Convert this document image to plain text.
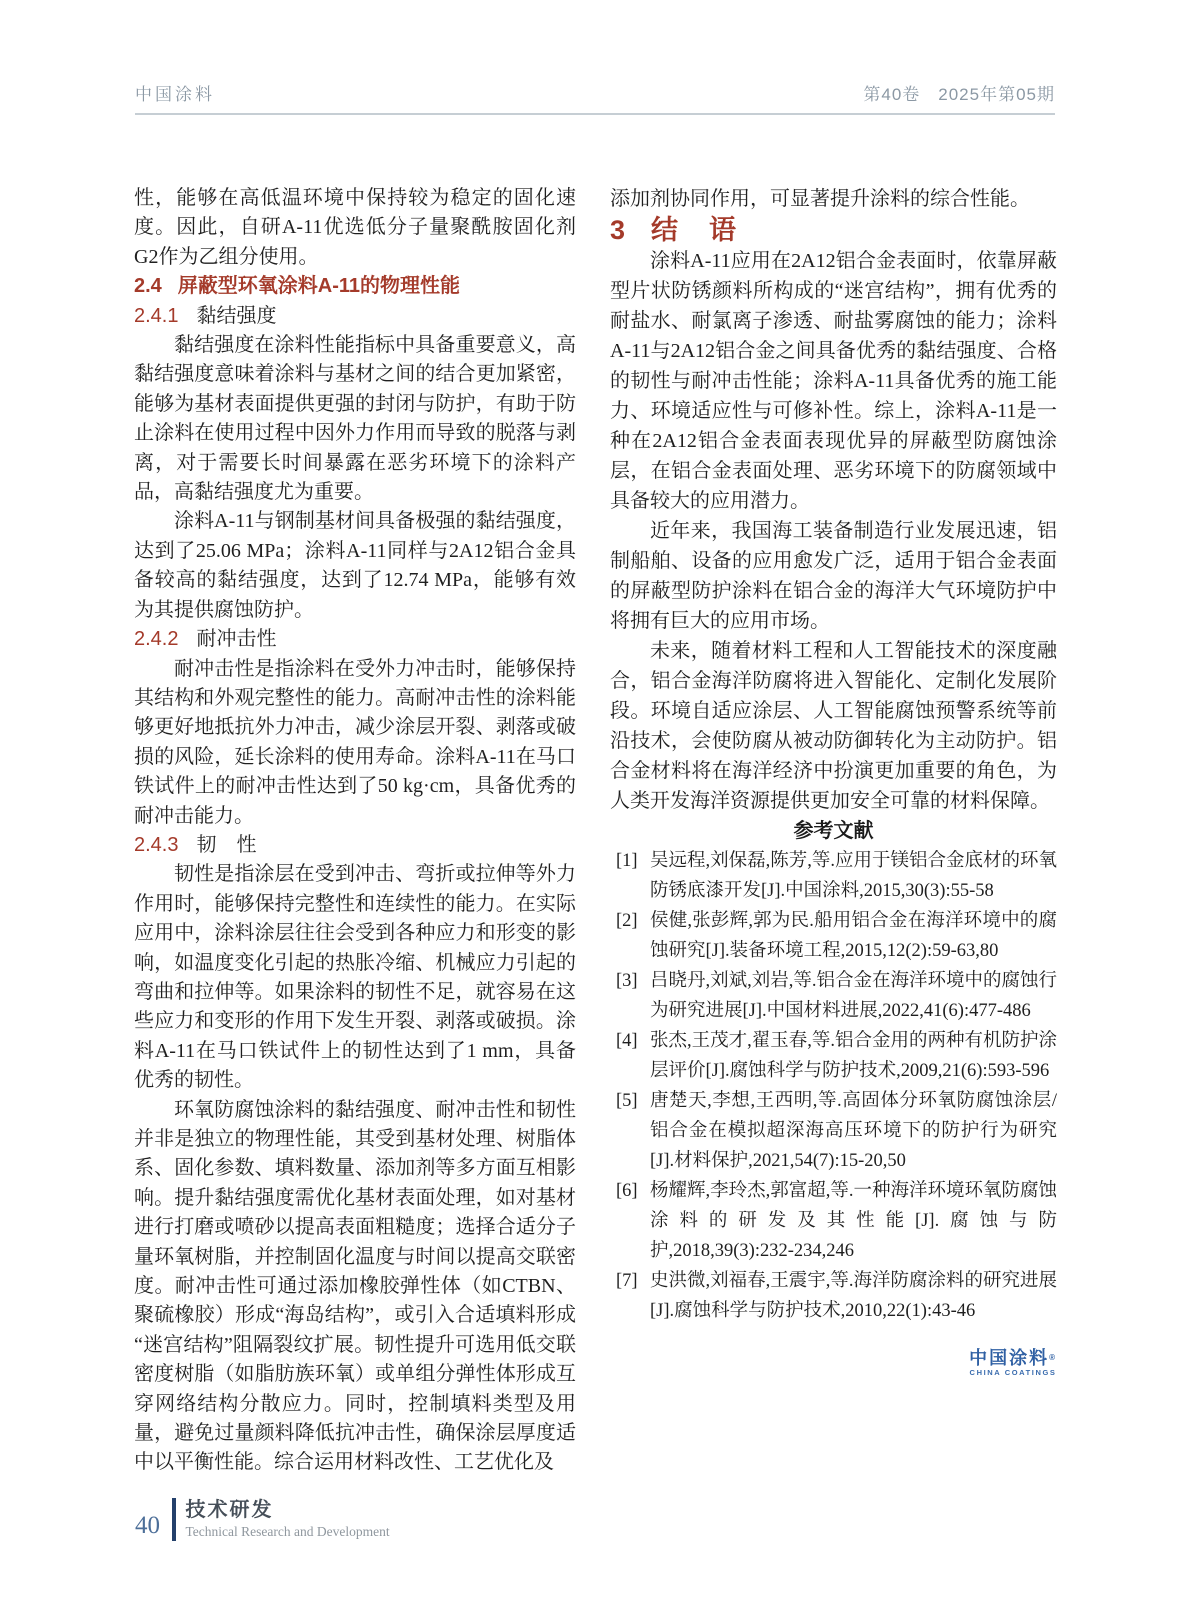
中国涂料	第40卷　2025年第05期

性，能够在高低温环境中保持较为稳定的固化速度。因此，自研A-11优选低分子量聚酰胺固化剂G2作为乙组分使用。

2.4 屏蔽型环氧涂料A-11的物理性能

2.4.1 黏结强度

黏结强度在涂料性能指标中具备重要意义，高黏结强度意味着涂料与基材之间的结合更加紧密，能够为基材表面提供更强的封闭与防护，有助于防止涂料在使用过程中因外力作用而导致的脱落与剥离，对于需要长时间暴露在恶劣环境下的涂料产品，高黏结强度尤为重要。

涂料A-11与钢制基材间具备极强的黏结强度，达到了25.06 MPa；涂料A-11同样与2A12铝合金具备较高的黏结强度，达到了12.74 MPa，能够有效为其提供腐蚀防护。

2.4.2 耐冲击性

耐冲击性是指涂料在受外力冲击时，能够保持其结构和外观完整性的能力。高耐冲击性的涂料能够更好地抵抗外力冲击，减少涂层开裂、剥落或破损的风险，延长涂料的使用寿命。涂料A-11在马口铁试件上的耐冲击性达到了50 kg·cm，具备优秀的耐冲击能力。

2.4.3 韧　性

韧性是指涂层在受到冲击、弯折或拉伸等外力作用时，能够保持完整性和连续性的能力。在实际应用中，涂料涂层往往会受到各种应力和形变的影响，如温度变化引起的热胀冷缩、机械应力引起的弯曲和拉伸等。如果涂料的韧性不足，就容易在这些应力和变形的作用下发生开裂、剥落或破损。涂料A-11在马口铁试件上的韧性达到了1 mm，具备优秀的韧性。

环氧防腐蚀涂料的黏结强度、耐冲击性和韧性并非是独立的物理性能，其受到基材处理、树脂体系、固化参数、填料数量、添加剂等多方面互相影响。提升黏结强度需优化基材表面处理，如对基材进行打磨或喷砂以提高表面粗糙度；选择合适分子量环氧树脂，并控制固化温度与时间以提高交联密度。耐冲击性可通过添加橡胶弹性体（如CTBN、聚硫橡胶）形成“海岛结构”，或引入合适填料形成“迷宫结构”阻隔裂纹扩展。韧性提升可选用低交联密度树脂（如脂肪族环氧）或单组分弹性体形成互穿网络结构分散应力。同时，控制填料类型及用量，避免过量颜料降低抗冲击性，确保涂层厚度适中以平衡性能。综合运用材料改性、工艺优化及

添加剂协同作用，可显著提升涂料的综合性能。

3 结　语

涂料A-11应用在2A12铝合金表面时，依靠屏蔽型片状防锈颜料所构成的“迷宫结构”，拥有优秀的耐盐水、耐氯离子渗透、耐盐雾腐蚀的能力；涂料A-11与2A12铝合金之间具备优秀的黏结强度、合格的韧性与耐冲击性能；涂料A-11具备优秀的施工能力、环境适应性与可修补性。综上，涂料A-11是一种在2A12铝合金表面表现优异的屏蔽型防腐蚀涂层，在铝合金表面处理、恶劣环境下的防腐领域中具备较大的应用潜力。

近年来，我国海工装备制造行业发展迅速，铝制船舶、设备的应用愈发广泛，适用于铝合金表面的屏蔽型防护涂料在铝合金的海洋大气环境防护中将拥有巨大的应用市场。

未来，随着材料工程和人工智能技术的深度融合，铝合金海洋防腐将进入智能化、定制化发展阶段。环境自适应涂层、人工智能腐蚀预警系统等前沿技术，会使防腐从被动防御转化为主动防护。铝合金材料将在海洋经济中扮演更加重要的角色，为人类开发海洋资源提供更加安全可靠的材料保障。

参考文献

[1] 吴远程,刘保磊,陈芳,等.应用于镁铝合金底材的环氧防锈底漆开发[J].中国涂料,2015,30(3):55-58
[2] 侯健,张彭辉,郭为民.船用铝合金在海洋环境中的腐蚀研究[J].装备环境工程,2015,12(2):59-63,80
[3] 吕晓丹,刘斌,刘岩,等.铝合金在海洋环境中的腐蚀行为研究进展[J].中国材料进展,2022,41(6):477-486
[4] 张杰,王茂才,翟玉春,等.铝合金用的两种有机防护涂层评价[J].腐蚀科学与防护技术,2009,21(6):593-596
[5] 唐楚天,李想,王西明,等.高固体分环氧防腐蚀涂层/铝合金在模拟超深海高压环境下的防护行为研究[J].材料保护,2021,54(7):15-20,50
[6] 杨耀辉,李玲杰,郭富超,等.一种海洋环境环氧防腐蚀涂料的研发及其性能[J].腐蚀与防护,2018,39(3):232-234,246
[7] 史洪微,刘福春,王震宇,等.海洋防腐涂料的研究进展[J].腐蚀科学与防护技术,2010,22(1):43-46
中国涂料®
CHINA COATINGS
40
技术研发
Technical Research and Development
